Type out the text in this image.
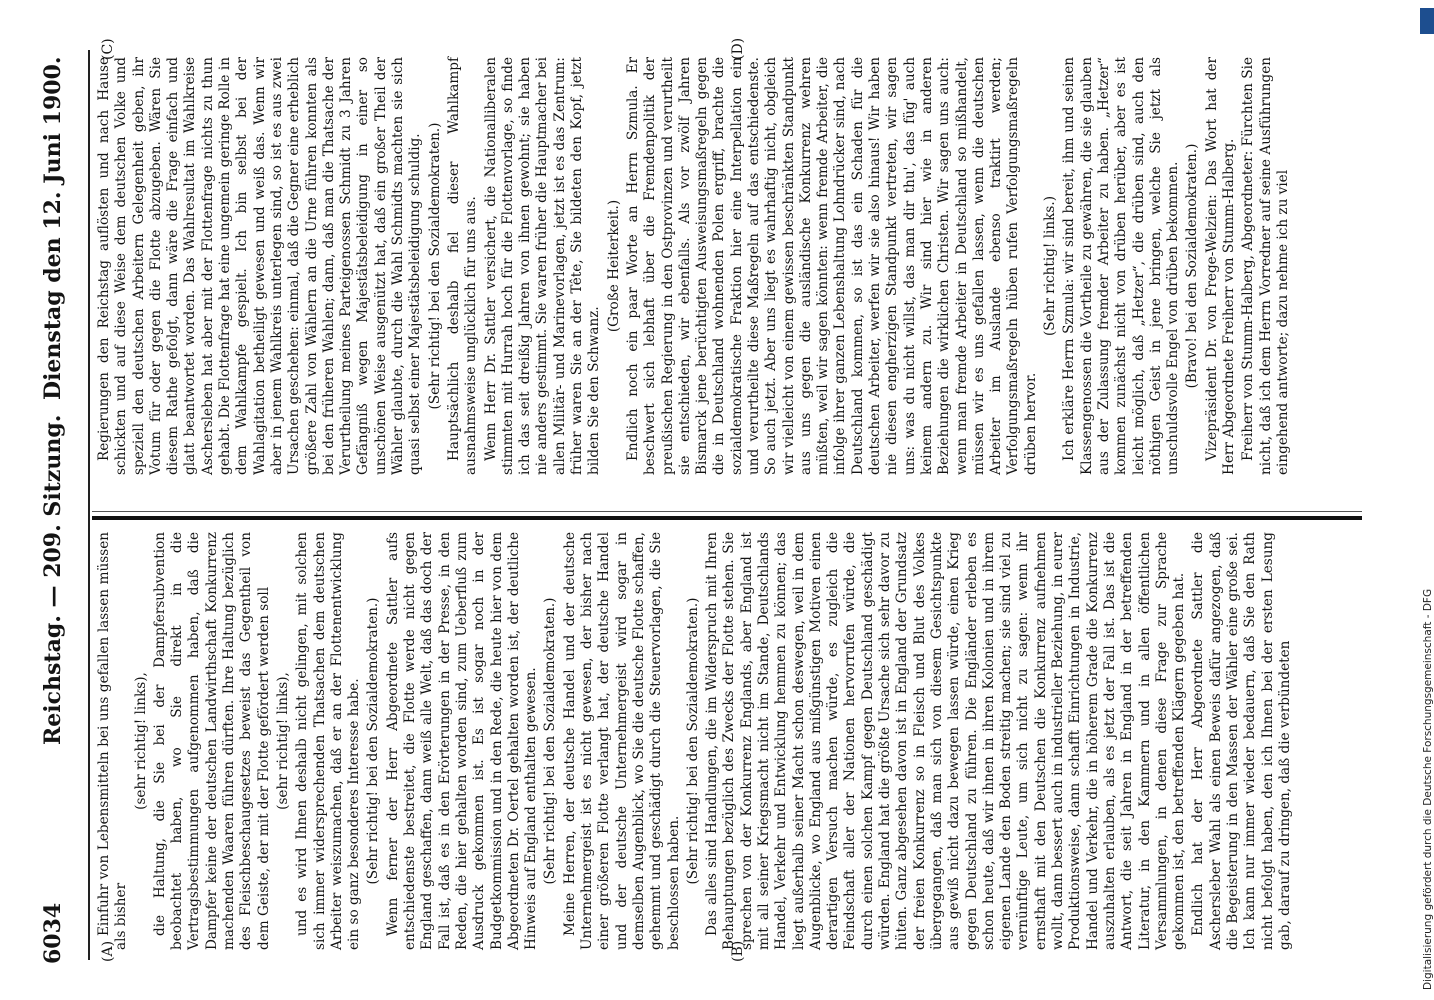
6034
Reichstag. — 209. Sitzung.
Dienstag den 12. Juni 1900.
(A)	(B)
(C)	(D)

Einfuhr von Lebensmitteln bei uns gefallen lassen müssen als bisher

(sehr richtig! links), die Haltung, die Sie bei der Dampfersubvention beobachtet haben, wo Sie direkt in die Vertragsbestimmungen aufgenommen haben, daß die Dampfer keine der deutschen Landwirthschaft Konkurrenz machenden Waaren führen dürften. Ihre Haltung bezüglich des Fleischbeschaugesetzes beweist das Gegentheil von dem Geiste, der mit der Flotte gefördert werden soll (sehr richtig! links), und es wird Ihnen deshalb nicht gelingen, mit solchen sich immer widersprechenden Thatsachen dem deutschen Arbeiter weiszumachen, daß er an der Flottenentwicklung ein so ganz besonderes Interesse habe. (Sehr richtig! bei den Sozialdemokraten.) Wenn ferner der Herr Abgeordnete Sattler aufs entschiedenste bestreitet, die Flotte werde nicht gegen England geschaffen, dann weiß alle Welt, daß das doch der Fall ist, daß es in den Erörterungen in der Presse, in den Reden, die hier gehalten worden sind, zum Ueberfluß zum Ausdruck gekommen ist. Es ist sogar noch in der Budgetkommission und in den Rede, die heute hier von dem Abgeordneten Dr. Oertel gehalten worden ist, der deutliche Hinweis auf England enthalten gewesen. (Sehr richtig! bei den Sozialdemokraten.) Meine Herren, der deutsche Handel und der deutsche Unternehmergeist ist es nicht gewesen, der bisher nach einer größeren Flotte verlangt hat, der deutsche Handel und der deutsche Unternehmergeist wird sogar in demselben Augenblick, wo Sie die deutsche Flotte schaffen, gehemmt und geschädigt durch die Steuervorlagen, die Sie beschlossen haben. (Sehr richtig! bei den Sozialdemokraten.) Das alles sind Handlungen, die im Widerspruch mit Ihren Behauptungen bezüglich des Zwecks der Flotte stehen. Sie sprechen von der Konkurrenz Englands, aber England ist mit all seiner Kriegsmacht nicht im Stande, Deutschlands Handel, Verkehr und Entwicklung hemmen zu können; das liegt außerhalb seiner Macht schon deswegen, weil in dem Augenblicke, wo England aus mißgünstigen Motiven einen derartigen Versuch machen würde, es zugleich die Feindschaft aller der Nationen hervorrufen würde, die durch einen solchen Kampf gegen Deutschland geschädigt würden. England hat die größte Ursache sich sehr davor zu hüten. Ganz abgesehen davon ist in England der Grundsatz der freien Konkurrenz so in Fleisch und Blut des Volkes übergegangen, daß man sich von diesem Gesichtspunkte aus gewiß nicht dazu bewegen lassen würde, einen Krieg gegen Deutschland zu führen. Die Engländer erleben es schon heute, daß wir ihnen in ihren Kolonien und in ihrem eigenen Lande den Boden streitig machen; sie sind viel zu vernünftige Leute, um sich nicht zu sagen: wenn ihr ernsthaft mit den Deutschen die Konkurrenz aufnehmen wollt, dann bessert auch in industrieller Beziehung, in eurer Produktionsweise, dann schafft Einrichtungen in Industrie, Handel und Verkehr, die in höherem Grade die Konkurrenz auszuhalten erlauben, als es jetzt der Fall ist. Das ist die Antwort, die seit Jahren in England in der betreffenden Literatur, in den Kammern und in allen öffentlichen Versammlungen, in denen diese Frage zur Sprache gekommen ist, den betreffenden Klägern gegeben hat. Endlich hat der Herr Abgeordnete Sattler die Aschersleber Wahl als einen Beweis dafür angezogen, daß die Begeisterung in den Massen der Wähler eine große sei. Ich kann nur immer wieder bedauern, daß Sie den Rath nicht befolgt haben, den ich Ihnen bei der ersten Lesung gab, darauf zu dringen, daß die verbündeten

Regierungen den Reichstag auflösten und nach Hause schickten und auf diese Weise dem deutschen Volke und speziell den deutschen Arbeitern Gelegenheit geben, ihr Votum für oder gegen die Flotte abzugeben. Wären Sie diesem Rathe gefolgt, dann wäre die Frage einfach und glatt beantwortet worden. Das Wahlresultat im Wahlkreise Aschersleben hat aber mit der Flottenfrage nichts zu thun gehabt. Die Flottenfrage hat eine ungemein geringe Rolle in dem Wahlkampfe gespielt. Ich bin selbst bei der Wahlagitation betheiligt gewesen und weiß das. Wenn wir aber in jenem Wahlkreis unterlegen sind, so ist es aus zwei Ursachen geschehen: einmal, daß die Gegner eine erheblich größere Zahl von Wählern an die Urne führen konnten als bei den früheren Wahlen; dann, daß man die Thatsache der Verurtheilung meines Parteigenossen Schmidt zu 3 Jahren Gefängniß wegen Majestätsbeleidigung in einer so unschönen Weise ausgenützt hat, daß ein großer Theil der Wähler glaubte, durch die Wahl Schmidts machten sie sich quasi selbst einer Majestätsbeleidigung schuldig. (Sehr richtig! bei den Sozialdemokraten.) Hauptsächlich deshalb fiel dieser Wahlkampf ausnahmsweise unglücklich für uns aus. Wenn Herr Dr. Sattler versichert, die Nationalliberalen stimmten mit Hurrah hoch für die Flottenvorlage, so finde ich das seit dreißig Jahren von ihnen gewohnt; sie haben nie anders gestimmt. Sie waren früher die Hauptmacher bei allen Militär- und Marinevorlagen, jetzt ist es das Zentrum: früher waren Sie an der Tête, Sie bildeten den Kopf, jetzt bilden Sie den Schwanz.

(Große Heiterkeit.) Endlich noch ein paar Worte an Herrn Szmula. Er beschwert sich lebhaft über die Fremdenpolitik der preußischen Regierung in den Ostprovinzen und verurtheilt sie entschieden, wir ebenfalls. Als vor zwölf Jahren Bismarck jene berüchtigten Ausweisungsmaßregeln gegen die in Deutschland wohnenden Polen ergriff, brachte die sozialdemokratische Fraktion hier eine Interpellation ein und verurtheilte diese Maßregeln auf das entschiedenste. So auch jetzt. Aber uns liegt es wahrhaftig nicht, obgleich wir vielleicht von einem gewissen beschränkten Standpunkt aus uns gegen die ausländische Konkurrenz wehren müßten, weil wir sagen könnten: wenn fremde Arbeiter, die infolge ihrer ganzen Lebenshaltung Lohndrücker sind, nach Deutschland kommen, so ist das ein Schaden für die deutschen Arbeiter, werfen wir sie also hinaus! Wir haben nie diesen engherzigen Standpunkt vertreten, wir sagen uns: was du nicht willst, das man dir thu', das füg' auch keinem andern zu. Wir sind hier wie in anderen Beziehungen die wirklichen Christen. Wir sagen uns auch: wenn man fremde Arbeiter in Deutschland so mißhandelt, müssen wir es uns gefallen lassen, wenn die deutschen Arbeiter im Auslande ebenso traktirt werden; Verfolgungsmaßregeln hüben rufen Verfolgungsmaßregeln drüben hervor.

(Sehr richtig! links.) Ich erkläre Herrn Szmula: wir sind bereit, ihm und seinen Klassengenossen die Vortheile zu gewähren, die sie glauben aus der Zulassung fremder Arbeiter zu haben. „Hetzer“ kommen zunächst nicht von drüben herüber, aber es ist leicht möglich, daß „Hetzer“, die drüben sind, auch den nöthigen Geist in jene bringen, welche Sie jetzt als unschuldsvolle Engel von drüben bekommen. (Bravo! bei den Sozialdemokraten.) Vizepräsident Dr. von Frege-Welzien: Das Wort hat der Herr Abgeordnete Freiherr von Stumm-Halberg. Freiherr von Stumm-Halberg, Abgeordneter: Fürchten Sie nicht, daß ich dem Herrn Vorredner auf seine Ausführungen eingehend antworte; dazu nehme ich zu viel

Digitalisierung gefördert durch die Deutsche Forschungsgemeinschaft - DFG
